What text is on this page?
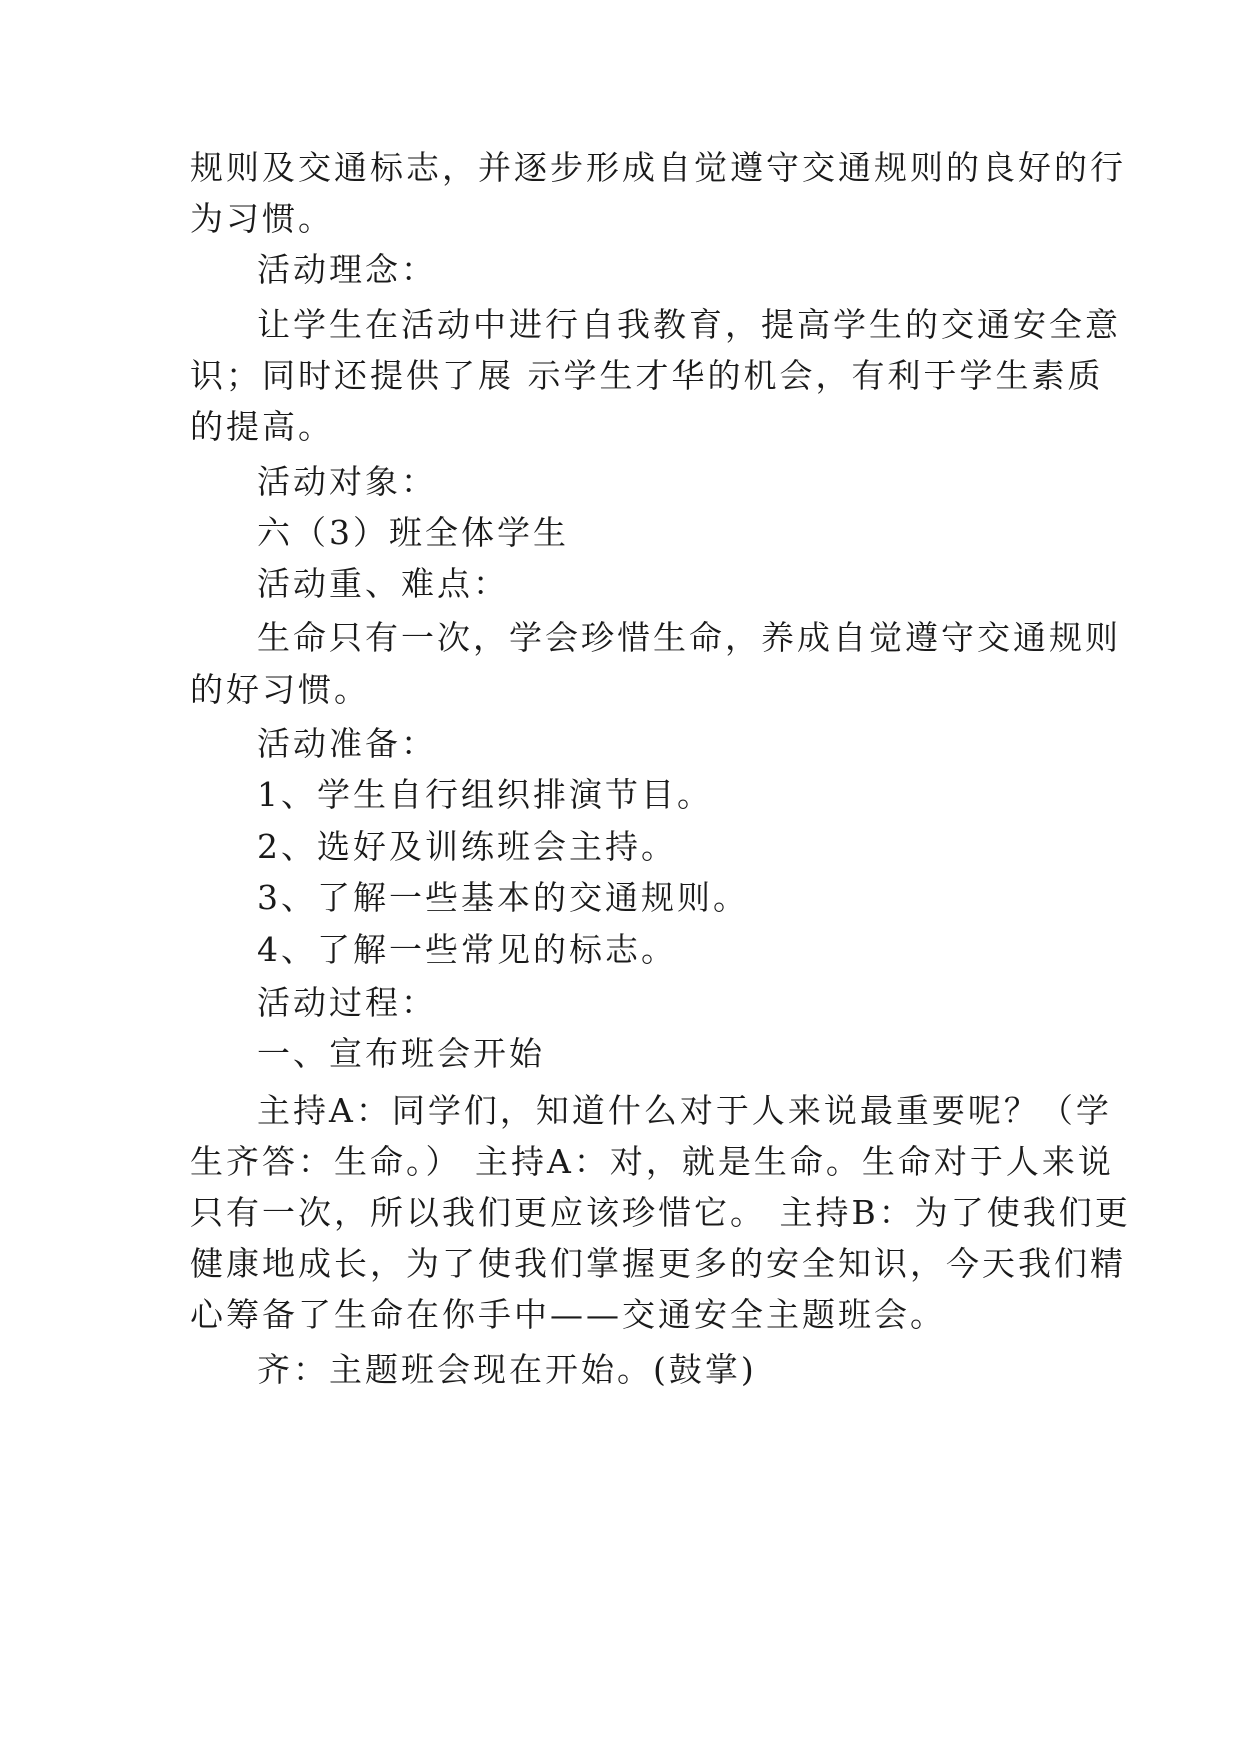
规则及交通标志，并逐步形成自觉遵守交通规则的良好的行
为习惯。
活动理念：
让学生在活动中进行自我教育，提高学生的交通安全意
识；同时还提供了展 示学生才华的机会，有利于学生素质
的提高。
活动对象：
六（3）班全体学生
活动重、难点：
生命只有一次，学会珍惜生命，养成自觉遵守交通规则
的好习惯。
活动准备：
1、学生自行组织排演节目。
2、选好及训练班会主持。
3、了解一些基本的交通规则。
4、了解一些常见的标志。
活动过程：
一、宣布班会开始
主持A：同学们，知道什么对于人来说最重要呢？（学
生齐答：生命。） 主持A：对，就是生命。生命对于人来说
只有一次，所以我们更应该珍惜它。 主持B：为了使我们更
健康地成长，为了使我们掌握更多的安全知识，今天我们精
心筹备了生命在你手中——交通安全主题班会。
齐：主题班会现在开始。(鼓掌)
